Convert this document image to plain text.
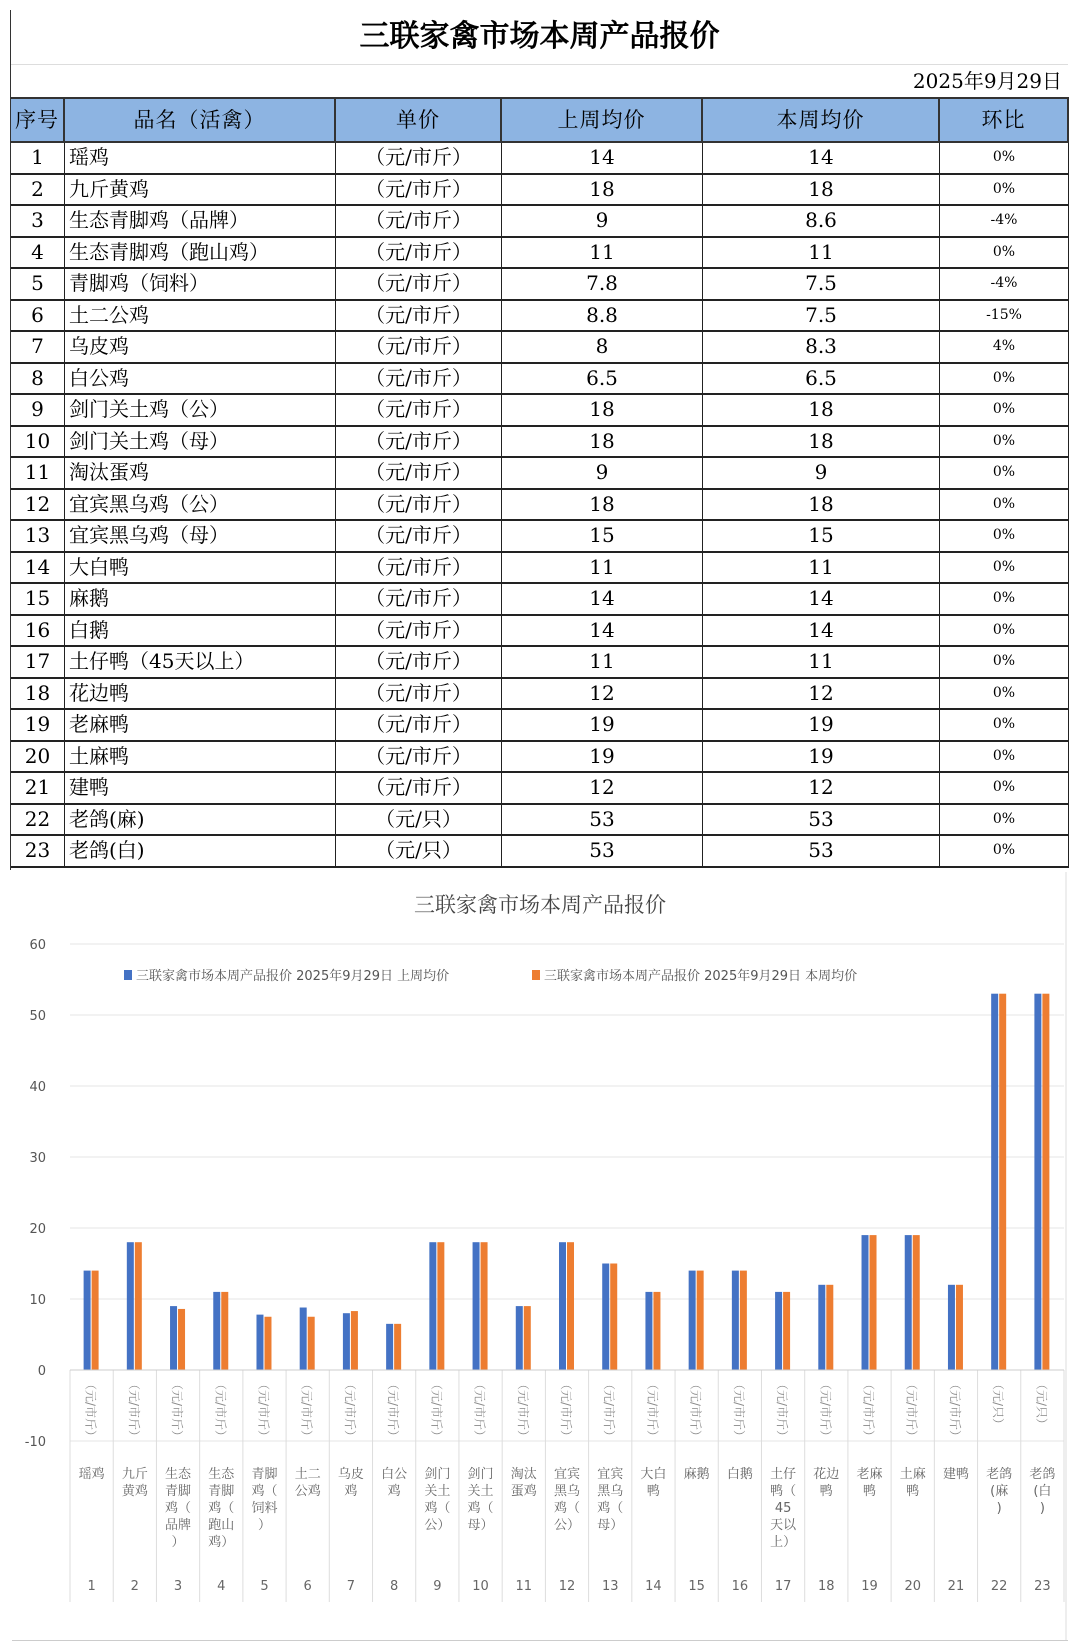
三联家禽市场本周产品报价
2025年9月29日
序号	品名（活禽）	单价	上周均价	本周均价	环比
1	瑶鸡	（元/市斤）	14	14	0%
2	九斤黄鸡	（元/市斤）	18	18	0%
3	生态青脚鸡（品牌）	（元/市斤）	9	8.6	-4%
4	生态青脚鸡（跑山鸡）	（元/市斤）	11	11	0%
5	青脚鸡（饲料）	（元/市斤）	7.8	7.5	-4%
6	土二公鸡	（元/市斤）	8.8	7.5	-15%
7	乌皮鸡	（元/市斤）	8	8.3	4%
8	白公鸡	（元/市斤）	6.5	6.5	0%
9	剑门关土鸡（公）	（元/市斤）	18	18	0%
10 剑门关土鸡（母）	（元/市斤）	18	18	0%
11 淘汰蛋鸡	（元/市斤）	9	9	0%
12 宜宾黑乌鸡（公）	（元/市斤）	18	18	0%
13 宜宾黑乌鸡（母）	（元/市斤）	15	15	0%
14 大白鸭	（元/市斤）	11	11	0%
15 麻鹅	（元/市斤）	14	14	0%
16 白鹅	（元/市斤）	14	14	0%
17 土仔鸭（45天以上）	（元/市斤）	11	11	0%
18 花边鸭	（元/市斤）	12	12	0%
19 老麻鸭	（元/市斤）	19	19	0%
20 土麻鸭	（元/市斤）	19	19	0%
21 建鸭	（元/市斤）	12	12	0%
22 老鸽(麻)	（元/只）	53	53	0%
23 老鸽(白)	（元/只）	53	53	0%
三联家禽市场本周产品报价
60
50
40
30
20
10
0
-10
三联家禽市场本周产品报价 2025年9月29日 上周均价	三联家禽市场本周产品报价 2025年9月29日 本周均价
（元/市斤）
瑶鸡
1
（元/市斤）
九斤黄鸡
2
（元/市斤）
生态青脚鸡（品牌）
3
（元/市斤）
生态青脚鸡（跑山鸡）
4
（元/市斤）
青脚鸡（饲料）
5
（元/市斤）
土二公鸡
6
（元/市斤）
乌皮鸡
7
（元/市斤）
白公鸡
8
（元/市斤）
剑门关土鸡（公）
9
（元/市斤）
剑门关土鸡（母）
10
（元/市斤）
淘汰蛋鸡
11
（元/市斤）
宜宾黑乌鸡（公）
12
（元/市斤）
宜宾黑乌鸡（母）
13
（元/市斤）
大白鸭
14
（元/市斤）
麻鹅
15
（元/市斤）
白鹅
16
（元/市斤）
土仔鸭（ 45 天以上）
17
（元/市斤）
花边鸭
18
（元/市斤）
老麻鸭
19
（元/市斤）
土麻鸭
20
（元/市斤）
建鸭
21
（元/只）
老鸽(麻)
22
（元/只）
老鸽(白)
23
